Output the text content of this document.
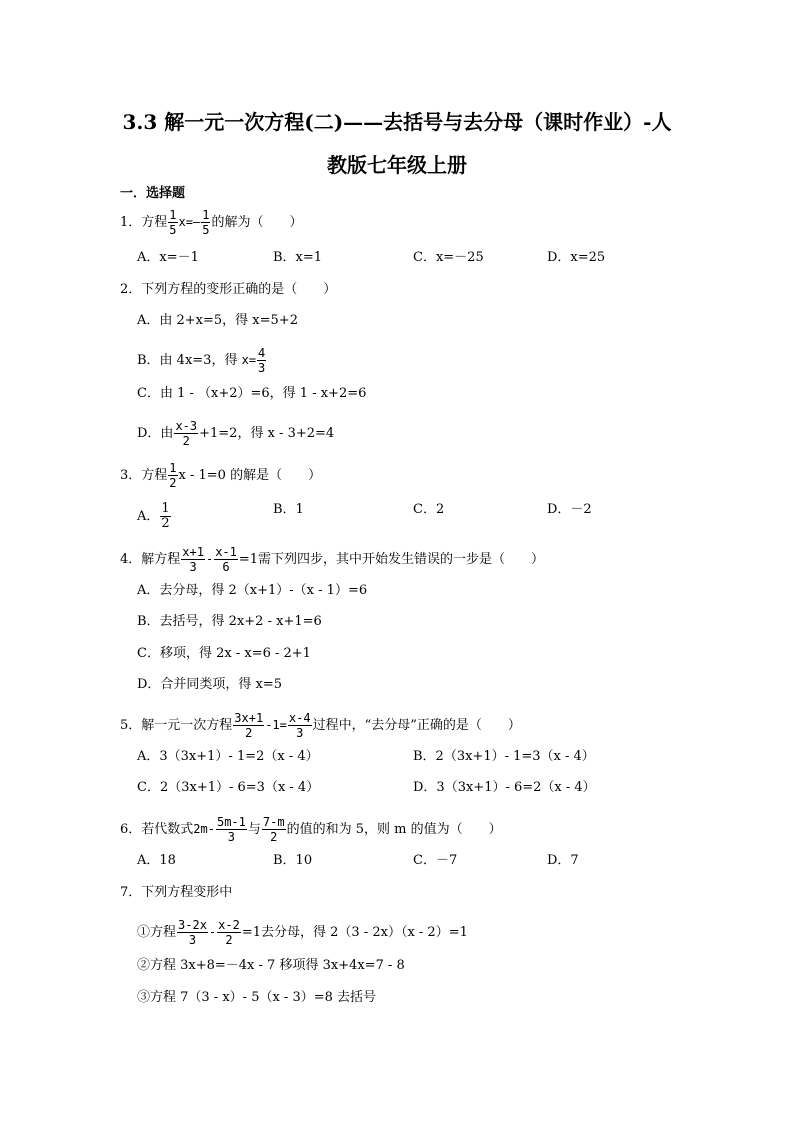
3.3 解一元一次方程(二)——去括号与去分母（课时作业）-人
教版七年级上册
一．选择题
1．方程 $\frac{1}{5} x=- \frac{1}{5}$ 的解为（　　）
A．x=－1	B．x=1	C．x=－25	D．x=25
2．下列方程的变形正确的是（　　）
A．由 2+x=5，得 x=5+2
B．由 4x=3，得 $x= \frac{4}{3}$
C．由 1 - （x+2）=6，得 1 - x+2=6
D．由 $\frac{x-3}{2} +1=2$，得 x - 3+2=4
3．方程 $\frac{1}{2}$ x - 1=0 的解是（　　）
A． $\frac{1}{2}$	B．1	C．2	D．－2
4．解方程 $\frac{x+1}{3} - \frac{x-1}{6} =1$需下列四步，其中开始发生错误的一步是（　　）
A．去分母，得 2（x+1）-（x - 1）=6
B．去括号，得 2x+2 - x+1=6
C．移项，得 2x - x=6 - 2+1
D．合并同类项，得 x=5
5．解一元一次方程 $\frac{3x+1}{2} -1= \frac{x-4}{3}$ 过程中，“去分母”正确的是（　　）
A．3（3x+1）- 1=2（x - 4）	B．2（3x+1）- 1=3（x - 4）
C．2（3x+1）- 6=3（x - 4）	D．3（3x+1）- 6=2（x - 4）
6．若代数式$2m- \frac{5m-1}{3}$ 与 $\frac{7-m}{2}$ 的值的和为 5，则 m 的值为（　　）
A．18	B．10	C．－7	D．7
7．下列方程变形中
①方程 $\frac{3-2x}{3} - \frac{x-2}{2} =1$去分母，得 2（3 - 2x）（x - 2）=1
②方程 3x+8=－4x - 7 移项得 3x+4x=7 - 8
③方程 7（3 - x）- 5（x - 3）=8 去括号
